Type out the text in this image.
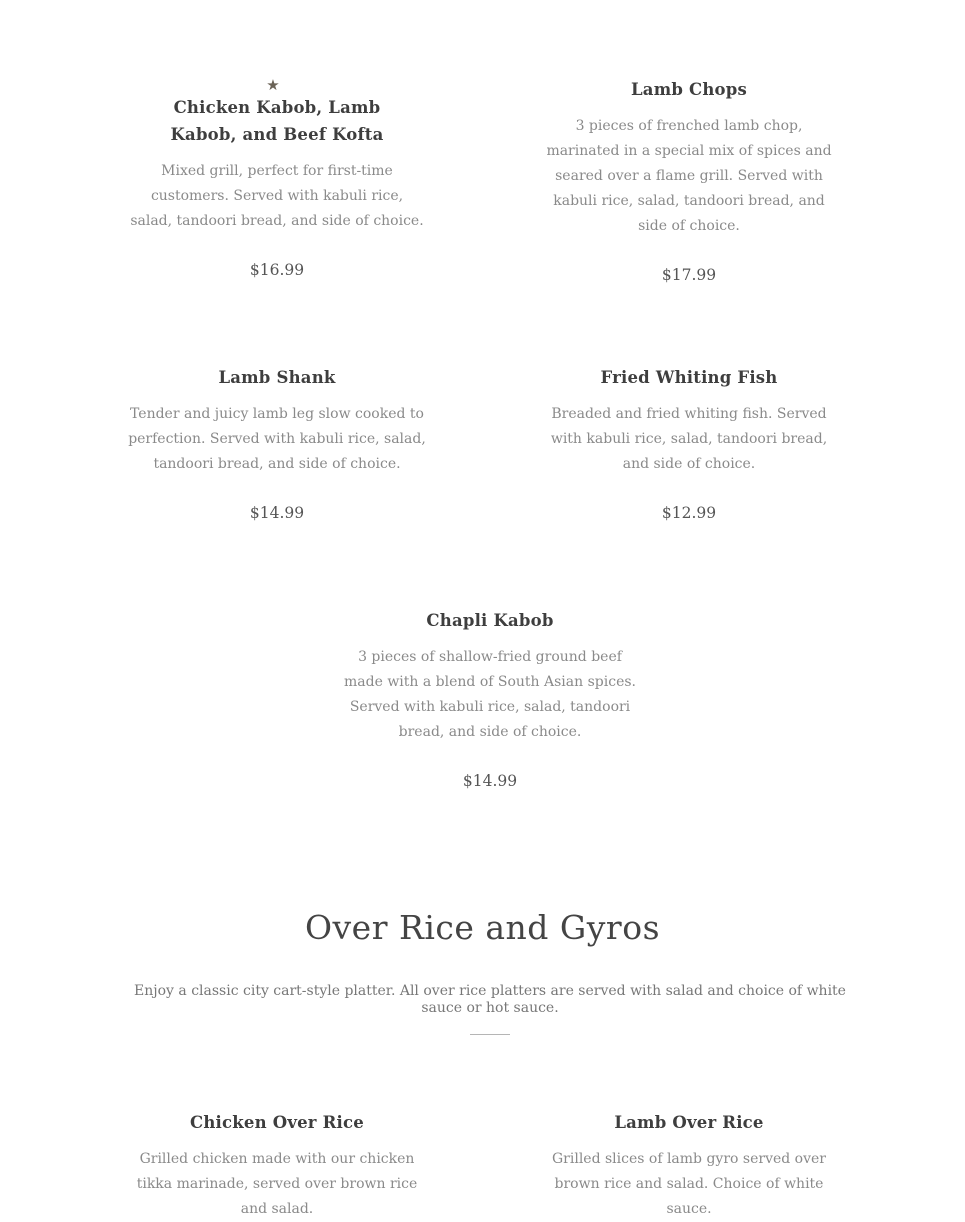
★
Chicken Kabob, Lamb Kabob, and Beef Kofta

Mixed grill, perfect for first-time customers. Served with kabuli rice, salad, tandoori bread, and side of choice.

$16.99

Lamb Chops

3 pieces of frenched lamb chop, marinated in a special mix of spices and seared over a flame grill. Served with kabuli rice, salad, tandoori bread, and side of choice.

$17.99

Lamb Shank

Tender and juicy lamb leg slow cooked to perfection. Served with kabuli rice, salad, tandoori bread, and side of choice.

$14.99

Fried Whiting Fish

Breaded and fried whiting fish. Served with kabuli rice, salad, tandoori bread, and side of choice.

$12.99

Chapli Kabob

3 pieces of shallow-fried ground beef made with a blend of South Asian spices. Served with kabuli rice, salad, tandoori bread, and side of choice.

$14.99

Over Rice and Gyros

Enjoy a classic city cart-style platter. All over rice platters are served with salad and choice of white sauce or hot sauce.

Chicken Over Rice

Grilled chicken made with our chicken tikka marinade, served over brown rice and salad.

Lamb Over Rice

Grilled slices of lamb gyro served over brown rice and salad. Choice of white sauce.
